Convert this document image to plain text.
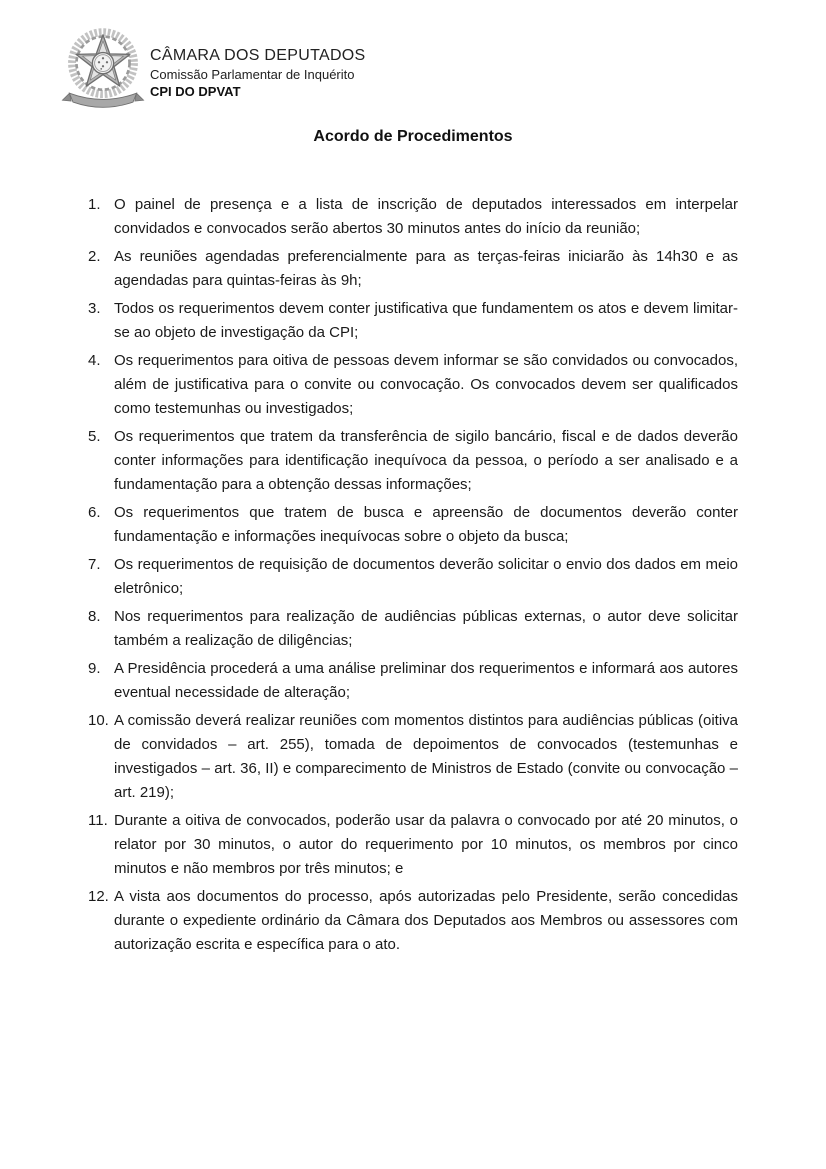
CÂMARA DOS DEPUTADOS
Comissão Parlamentar de Inquérito
CPI DO DPVAT
Acordo de Procedimentos
1. O painel de presença e a lista de inscrição de deputados interessados em interpelar convidados e convocados serão abertos 30 minutos antes do início da reunião;
2. As reuniões agendadas preferencialmente para as terças-feiras iniciarão às 14h30 e as agendadas para quintas-feiras às 9h;
3. Todos os requerimentos devem conter justificativa que fundamentem os atos e devem limitar-se ao objeto de investigação da CPI;
4. Os requerimentos para oitiva de pessoas devem informar se são convidados ou convocados, além de justificativa para o convite ou convocação. Os convocados devem ser qualificados como testemunhas ou investigados;
5. Os requerimentos que tratem da transferência de sigilo bancário, fiscal e de dados deverão conter informações para identificação inequívoca da pessoa, o período a ser analisado e a fundamentação para a obtenção dessas informações;
6. Os requerimentos que tratem de busca e apreensão de documentos deverão conter fundamentação e informações inequívocas sobre o objeto da busca;
7. Os requerimentos de requisição de documentos deverão solicitar o envio dos dados em meio eletrônico;
8. Nos requerimentos para realização de audiências públicas externas, o autor deve solicitar também a realização de diligências;
9. A Presidência procederá a uma análise preliminar dos requerimentos e informará aos autores eventual necessidade de alteração;
10. A comissão deverá realizar reuniões com momentos distintos para audiências públicas (oitiva de convidados – art. 255), tomada de depoimentos de convocados (testemunhas e investigados – art. 36, II) e comparecimento de Ministros de Estado (convite ou convocação – art. 219);
11. Durante a oitiva de convocados, poderão usar da palavra o convocado por até 20 minutos, o relator por 30 minutos, o autor do requerimento por 10 minutos, os membros por cinco minutos e não membros por três minutos; e
12. A vista aos documentos do processo, após autorizadas pelo Presidente, serão concedidas durante o expediente ordinário da Câmara dos Deputados aos Membros ou assessores com autorização escrita e específica para o ato.
